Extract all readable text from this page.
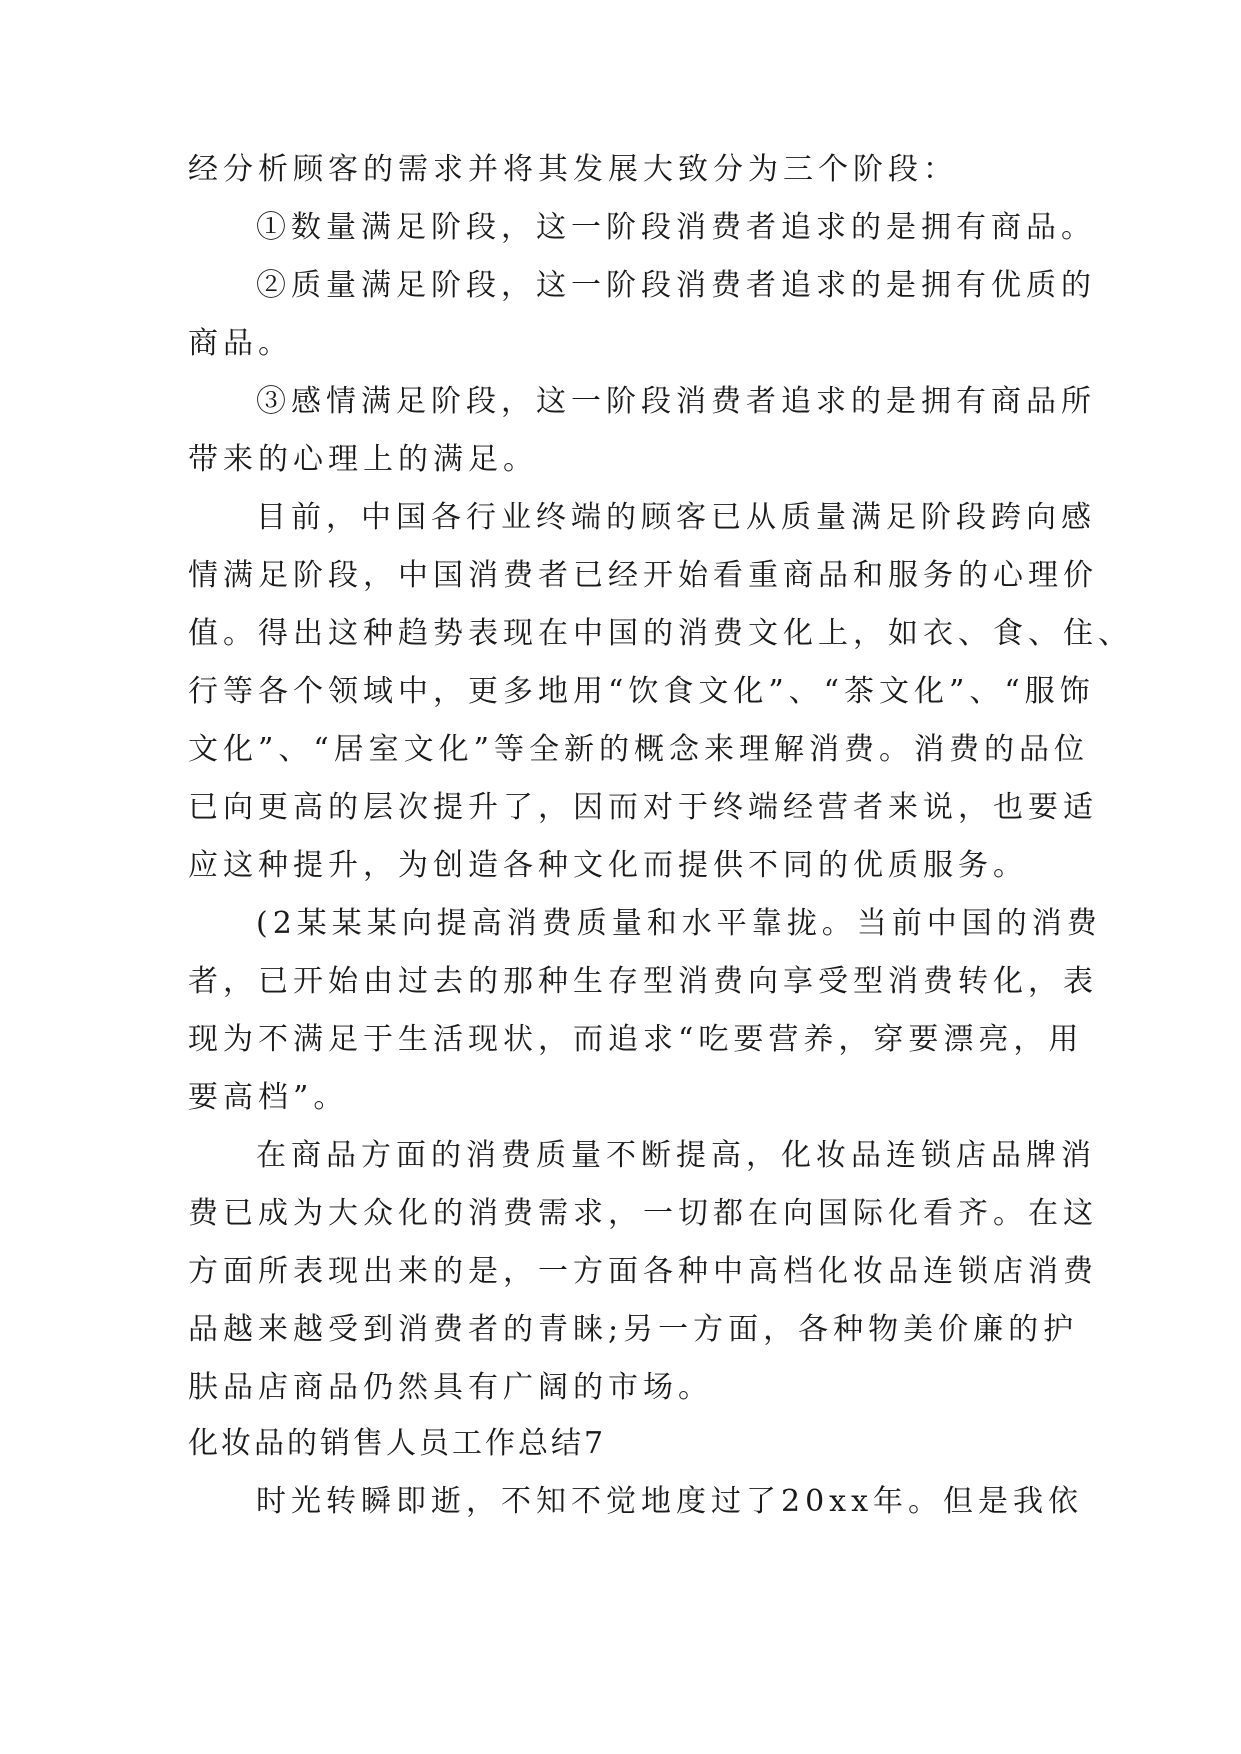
经分析顾客的需求并将其发展大致分为三个阶段：
①数量满足阶段，这一阶段消费者追求的是拥有商品。
②质量满足阶段，这一阶段消费者追求的是拥有优质的
商品。
③感情满足阶段，这一阶段消费者追求的是拥有商品所
带来的心理上的满足。
目前，中国各行业终端的顾客已从质量满足阶段跨向感
情满足阶段，中国消费者已经开始看重商品和服务的心理价
值。得出这种趋势表现在中国的消费文化上，如衣、食、住、
行等各个领域中，更多地用“饮食文化”、“茶文化”、“服饰
文化”、“居室文化”等全新的概念来理解消费。消费的品位
已向更高的层次提升了，因而对于终端经营者来说，也要适
应这种提升，为创造各种文化而提供不同的优质服务。
(2某某某向提高消费质量和水平靠拢。当前中国的消费
者，已开始由过去的那种生存型消费向享受型消费转化，表
现为不满足于生活现状，而追求“吃要营养，穿要漂亮，用
要高档”。
在商品方面的消费质量不断提高，化妆品连锁店品牌消
费已成为大众化的消费需求，一切都在向国际化看齐。在这
方面所表现出来的是，一方面各种中高档化妆品连锁店消费
品越来越受到消费者的青睐;另一方面，各种物美价廉的护
肤品店商品仍然具有广阔的市场。
化妆品的销售人员工作总结7
时光转瞬即逝，不知不觉地度过了20xx年。但是我依
